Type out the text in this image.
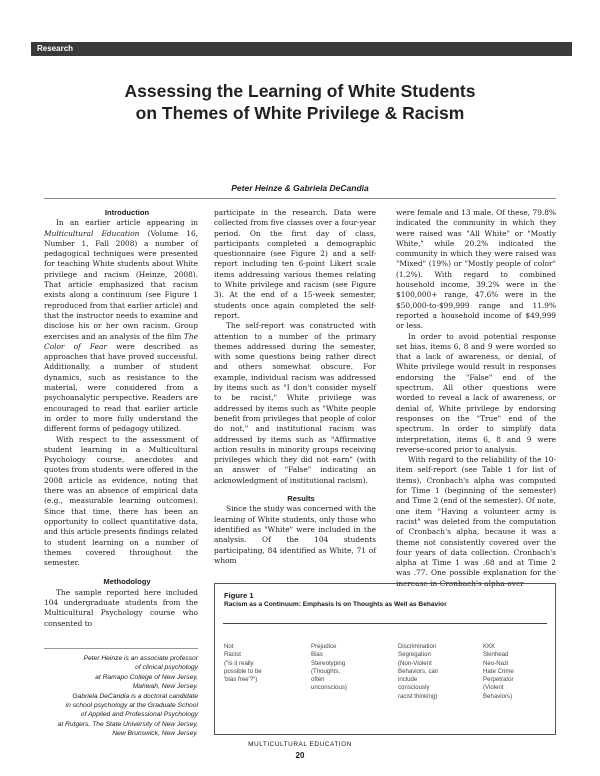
Research
Assessing the Learning of White Students
on Themes of White Privilege & Racism
Peter Heinze & Gabriela DeCandia

Introduction

In an earlier article appearing in Multicultural Education (Volume 16, Number 1, Fall 2008) a number of pedagogical techniques were presented for teaching White students about White privilege and racism (Heinze, 2008). That article emphasized that racism exists along a continuum (see Figure 1 reproduced from that earlier article) and that the instructor needs to examine and disclose his or her own racism. Group exercises and an analysis of the film The Color of Fear were described as approaches that have proved successful. Additionally, a number of student dynamics, such as resistance to the material, were considered from a psychoanalytic perspective. Readers are encouraged to read that earlier article in order to more fully understand the different forms of pedagogy utilized.

With respect to the assessment of student learning in a Multicultural Psychology course, anecdotes and quotes from students were offered in the 2008 article as evidence, noting that there was an absence of empirical data (e.g., measurable learning outcomes). Since that time, there has been an opportunity to collect quantitative data, and this article presents findings related to student learning on a number of themes covered throughout the semester.

Methodology

The sample reported here included 104 undergraduate students from the Multicultural Psychology course who consented to

Peter Heinze is an associate professor
of clinical psychology
at Ramapo College of New Jersey,
Mahwah, New Jersey.
Gabriela DeCandia is a doctoral candidate
in school psychology at the Graduate School
of Applied and Professional Psychology
at Rutgers, The State University of New Jersey,
New Brunswick, New Jersey.

participate in the research. Data were collected from five classes over a four-year period. On the first day of class, participants completed a demographic questionnaire (see Figure 2) and a self-report including ten 6-point Likert scale items addressing various themes relating to White privilege and racism (see Figure 3). At the end of a 15-week semester, students once again completed the self-report.

The self-report was constructed with attention to a number of the primary themes addressed during the semester, with some questions being rather direct and others somewhat obscure. For example, individual racism was addressed by items such as "I don't consider myself to be racist," White privilege was addressed by items such as "White people benefit from privileges that people of color do not," and institutional racism was addressed by items such as "Affirmative action results in minority groups receiving privileges which they did not earn" (with an answer of "False" indicating an acknowledgment of institutional racism).

Results

Since the study was concerned with the learning of White students, only those who identified as "White" were included in the analysis. Of the 104 students participating, 84 identified as White, 71 of whom

were female and 13 male. Of these, 79.8% indicated the community in which they were raised was "All White" or "Mostly White," while 20.2% indicated the community in which they were raised was "Mixed" (19%) or "Mostly people of color" (1.2%). With regard to combined household income, 39.2% were in the $100,000+ range, 47.6% were in the $50,000-to-$99,999 range and 11.9% reported a household income of $49,999 or less.

In order to avoid potential response set bias, items 6, 8 and 9 were worded so that a lack of awareness, or denial, of White privilege would result in responses endorsing the "False" end of the spectrum. All other questions were worded to reveal a lack of awareness, or denial of, White privilege by endorsing responses on the "True" end of the spectrum. In order to simplify data interpretation, items 6, 8 and 9 were reverse-scored prior to analysis.

With regard to the reliability of the 10-item self-report (see Table 1 for list of items), Cronbach's alpha was computed for Time 1 (beginning of the semester) and Time 2 (end of the semester). Of note, one item "Having a volunteer army is racist" was deleted from the computation of Cronbach's alpha, because it was a theme not consistently covered over the four years of data collection. Cronbach's alpha at Time 1 was .68 and at Time 2 was .77. One possible explanation for the increase in Cronbach's alpha over

Figure 1
Racism as a Continuum: Emphasis Is on Thoughts as Well as Behavior
Not
Racist
("is it really
possible to be
'bias free'?")
Prejudice
Bias
Stereotyping
(Thoughts,
often
unconscious)
Discrimination
Segregation
(Non-Violent
Behaviors, can
include
consciously
racist thinking)
KKK
Skinhead
Neo-Nazi
Hate Crime
Perpetrator
(Violent
Behaviors)
MULTICULTURAL EDUCATION
20
